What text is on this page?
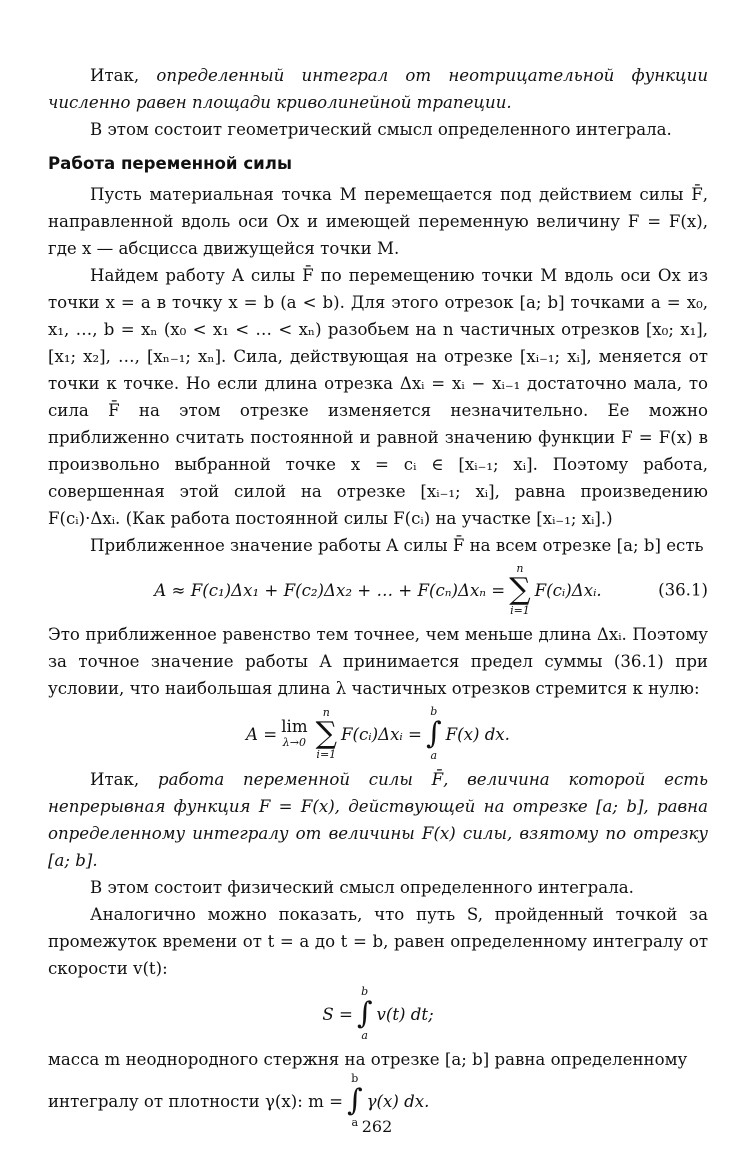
Итак, определенный интеграл от неотрицательной функции численно равен площади криволинейной трапеции.

В этом состоит геометрический смысл определенного интеграла.

Работа переменной силы

Пусть материальная точка M перемещается под действием силы F̄, направленной вдоль оси Ox и имеющей переменную величину F = F(x), где x — абсцисса движущейся точки M.

Найдем работу A силы F̄ по перемещению точки M вдоль оси Ox из точки x = a в точку x = b (a < b). Для этого отрезок [a; b] точками a = x₀, x₁, …, b = xₙ (x₀ < x₁ < … < xₙ) разобьем на n частичных отрезков [x₀; x₁], [x₁; x₂], …, [xₙ₋₁; xₙ]. Сила, действующая на отрезке [xᵢ₋₁; xᵢ], меняется от точки к точке. Но если длина отрезка Δxᵢ = xᵢ − xᵢ₋₁ достаточно мала, то сила F̄ на этом отрезке изменяется незначительно. Ее можно приближенно считать постоянной и равной значению функции F = F(x) в произвольно выбранной точке x = cᵢ ∈ [xᵢ₋₁; xᵢ]. Поэтому работа, совершенная этой силой на отрезке [xᵢ₋₁; xᵢ], равна произведению F(cᵢ)·Δxᵢ. (Как работа постоянной силы F(cᵢ) на участке [xᵢ₋₁; xᵢ].)

Приближенное значение работы A силы F̄ на всем отрезке [a; b] есть

A ≈ F(c₁)Δx₁ + F(c₂)Δx₂ + … + F(cₙ)Δxₙ =
n
∑
i=1
F(cᵢ)Δxᵢ.	(36.1)

Это приближенное равенство тем точнее, чем меньше длина Δxᵢ. Поэтому за точное значение работы A принимается предел суммы (36.1) при условии, что наибольшая длина λ частичных отрезков стремится к нулю:

A = lim
λ→0
n
∑
i=1
F(cᵢ)Δxᵢ =
b
∫
a
F(x) dx.

Итак, работа переменной силы F̄, величина которой есть непрерывная функция F = F(x), действующей на отрезке [a; b], равна определенному интегралу от величины F(x) силы, взятому по отрезку [a; b].

В этом состоит физический смысл определенного интеграла.

Аналогично можно показать, что путь S, пройденный точкой за промежуток времени от t = a до t = b, равен определенному интегралу от скорости v(t):

S =
b
∫
a
v(t) dt;

масса m неоднородного стержня на отрезке [a; b] равна определенному

интегралу от плотности γ(x): m =
b
∫
a
γ(x) dx.

262
